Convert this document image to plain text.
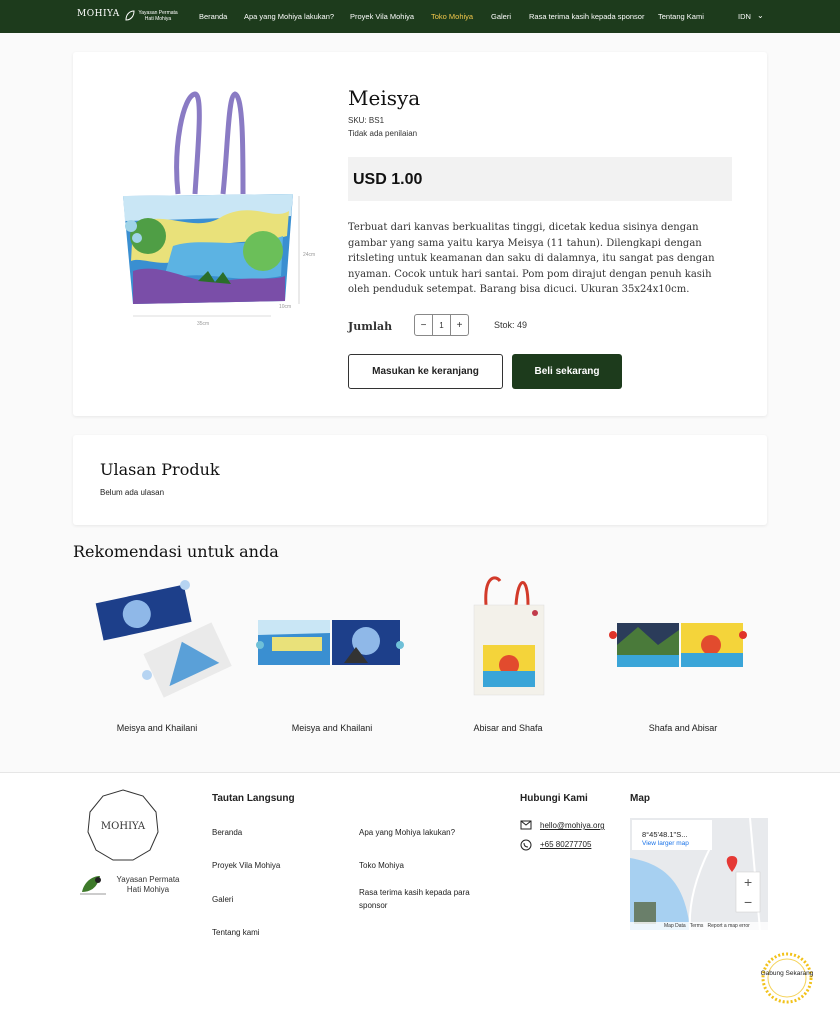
MOHIYA	Yayasan Permata Hati Mohiya	Beranda Apa yang Mohiya lakukan? Proyek Vila Mohiya Toko Mohiya Galeri Rasa terima kasih kepada sponsor Tentang Kami	IDN ⌄
24cm
35cm
10cm
Meisya
SKU: BS1
Tidak ada penilaian
USD 1.00
Terbuat dari kanvas berkualitas tinggi, dicetak kedua sisinya dengan gambar yang sama yaitu karya Meisya (11 tahun). Dilengkapi dengan ritsleting untuk keamanan dan saku di dalamnya, itu sangat pas dengan nyaman. Cocok untuk hari santai. Pom pom dirajut dengan penuh kasih oleh penduduk setempat. Barang bisa dicuci. Ukuran 35x24x10cm.
Jumlah	−	1	+	Stok: 49
Masukan ke keranjang	Beli sekarang
Ulasan Produk
Belum ada ulasan
Rekomendasi untuk anda
Meisya and Khailani	Meisya and Khailani	Abisar and Shafa	Shafa and Abisar
MOHIYA
Yayasan Permata Hati Mohiya
Tautan Langsung
Beranda	Apa yang Mohiya lakukan?
Proyek Vila Mohiya	Toko Mohiya
Galeri
Rasa terima kasih kepada para sponsor
Tentang kami
Hubungi Kami
hello@mohiya.org
+65 80277705
Map
8°45'48.1"S...
View larger map
+
−
Map Data   Terms   Report a map error
Gabung Sekarang
